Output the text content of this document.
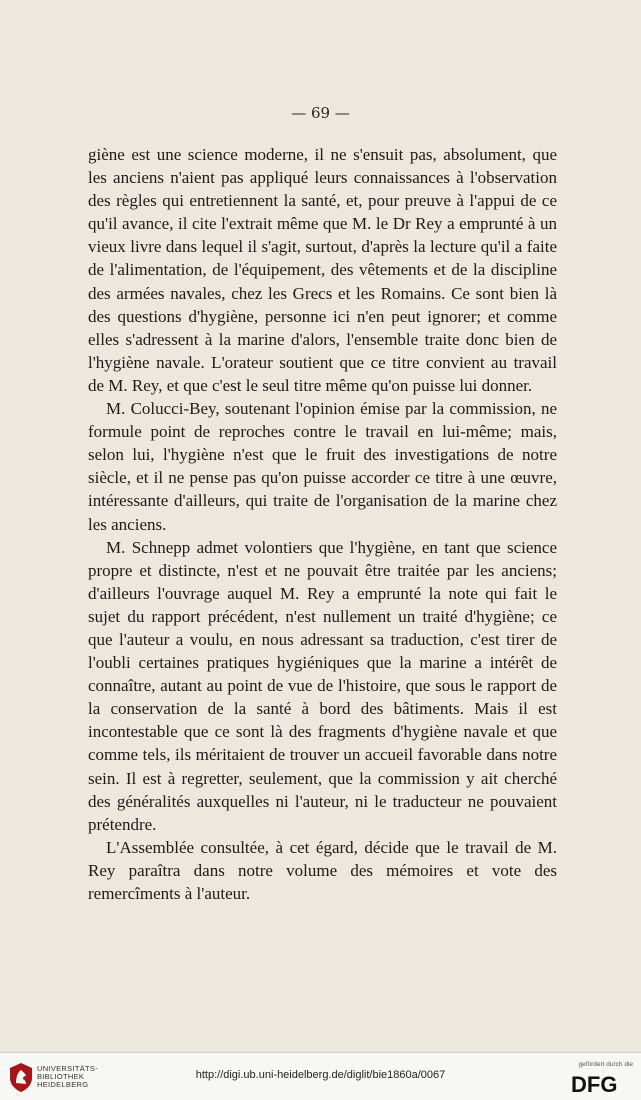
— 69 —

giène est une science moderne, il ne s'ensuit pas, absolument, que les anciens n'aient pas appliqué leurs connaissances à l'observation des règles qui entretiennent la santé, et, pour preuve à l'appui de ce qu'il avance, il cite l'extrait même que M. le Dr Rey a emprunté à un vieux livre dans lequel il s'agit, surtout, d'après la lecture qu'il a faite de l'alimentation, de l'équipement, des vêtements et de la discipline des armées navales, chez les Grecs et les Romains. Ce sont bien là des questions d'hygiène, personne ici n'en peut ignorer; et comme elles s'adressent à la marine d'alors, l'ensemble traite donc bien de l'hygiène navale. L'orateur soutient que ce titre convient au travail de M. Rey, et que c'est le seul titre même qu'on puisse lui donner.

M. Colucci-Bey, soutenant l'opinion émise par la commission, ne formule point de reproches contre le travail en lui-même; mais, selon lui, l'hygiène n'est que le fruit des investigations de notre siècle, et il ne pense pas qu'on puisse accorder ce titre à une œuvre, intéressante d'ailleurs, qui traite de l'organisation de la marine chez les anciens.

M. Schnepp admet volontiers que l'hygiène, en tant que science propre et distincte, n'est et ne pouvait être traitée par les anciens; d'ailleurs l'ouvrage auquel M. Rey a emprunté la note qui fait le sujet du rapport précédent, n'est nullement un traité d'hygiène; ce que l'auteur a voulu, en nous adressant sa traduction, c'est tirer de l'oubli certaines pratiques hygiéniques que la marine a intérêt de connaître, autant au point de vue de l'histoire, que sous le rapport de la conservation de la santé à bord des bâtiments. Mais il est incontestable que ce sont là des fragments d'hygiène navale et que comme tels, ils méritaient de trouver un accueil favorable dans notre sein. Il est à regretter, seulement, que la commission y ait cherché des généralités auxquelles ni l'auteur, ni le traducteur ne pouvaient prétendre.

L'Assemblée consultée, à cet égard, décide que le travail de M. Rey paraîtra dans notre volume des mémoires et vote des remercîments à l'auteur.

UNIVERSITÄTS-
BIBLIOTHEK
HEIDELBERG
http://digi.ub.uni-heidelberg.de/diglit/bie1860a/0067
gefördert durch die
DFG
